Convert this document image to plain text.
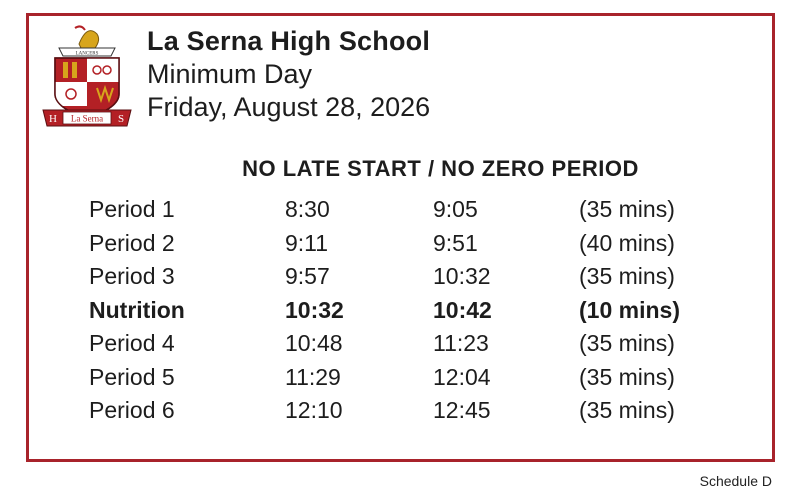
LANCERS
La Serna
H	S
La Serna High School
Minimum Day
Friday, August 28, 2026
NO LATE START / NO ZERO PERIOD
Period 1	8:30	9:05	(35 mins)
Period 2	9:11	9:51	(40 mins)
Period 3	9:57	10:32	(35 mins)
Nutrition	10:32	10:42	(10 mins)
Period 4	10:48	11:23	(35 mins)
Period 5	11:29	12:04	(35 mins)
Period 6	12:10	12:45	(35 mins)
Schedule D
